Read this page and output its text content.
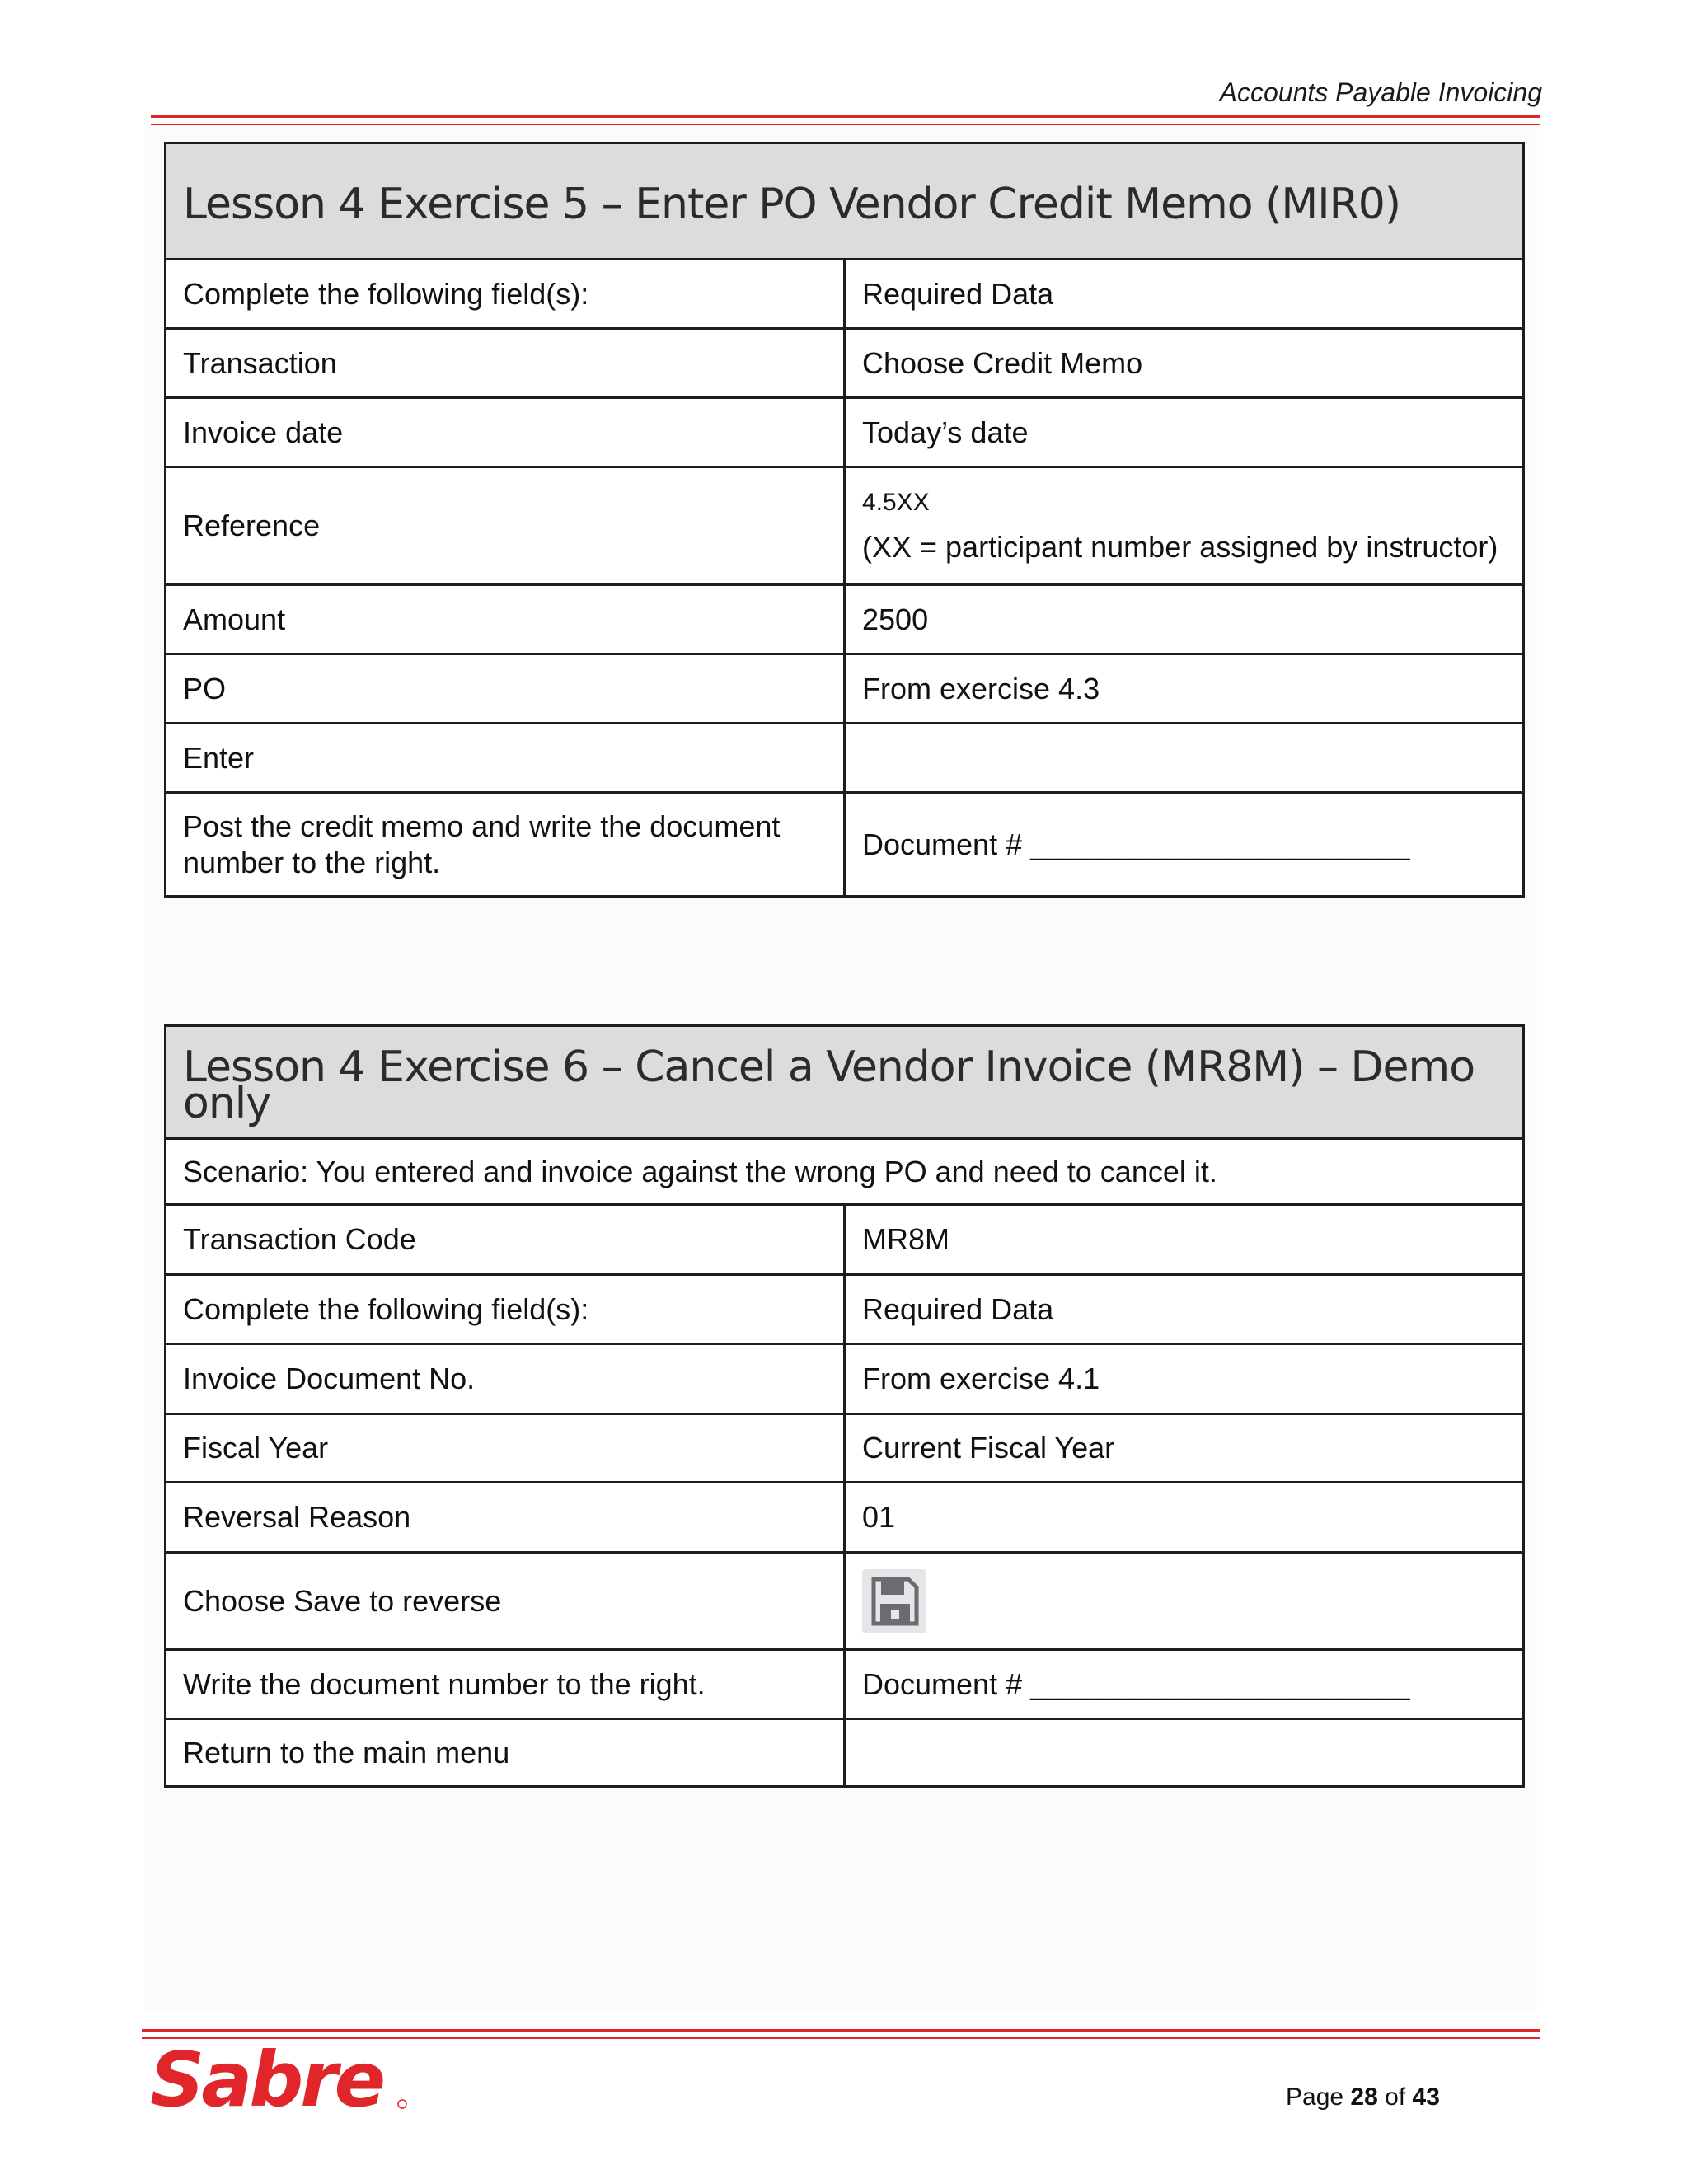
Accounts Payable Invoicing
Lesson 4 Exercise 5 – Enter PO Vendor Credit Memo (MIR0)	
Complete the following field(s):	Required Data
Transaction	Choose Credit Memo
Invoice date	Today’s date
Reference	4.5XX
(XX = participant number assigned by instructor)

Amount	2500
PO	From exercise 4.3
Enter	
Post the credit memo and write the document number to the right.	Document # _______________________
Lesson 4 Exercise 6 – Cancel a Vendor Invoice (MR8M) – Demo only	
Scenario: You entered and invoice against the wrong PO and need to cancel it.	
Transaction Code	MR8M
Complete the following field(s):	Required Data
Invoice Document No.	From exercise 4.1
Fiscal Year	Current Fiscal Year
Reversal Reason	01
Choose Save to reverse	
Write the document number to the right.	Document # _______________________
Return to the main menu	
Sabre	Page 28 of 43
